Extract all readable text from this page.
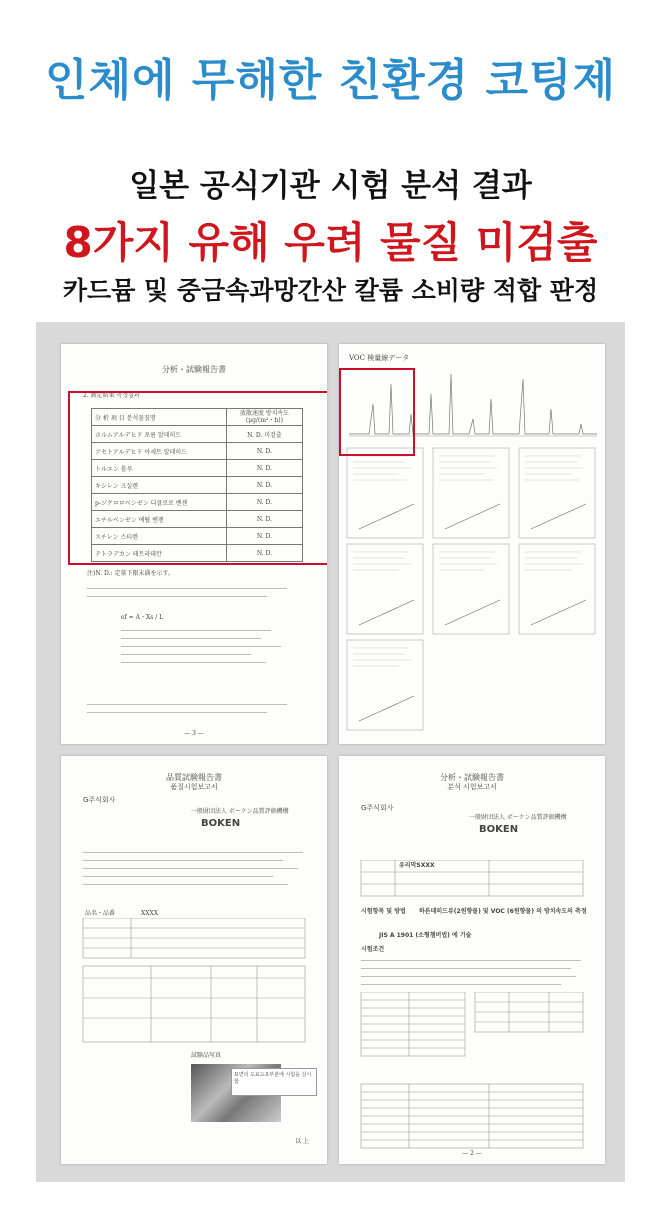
인체에 무해한 친환경 코팅제
일본 공식기관 시험 분석 결과
8가지 유해 우려 물질 미검출
카드뮴 및 중금속과망간산 칼륨 소비량 적합 판정
分析・試験報告書
2. 測定結果 측정결과
分 析 項 目 분석물질명	放散速度 방치속도
(μg/(m²・h))
ホルムアルデヒド 포름 알데히드	N. D. 미검출
アセトアルデヒド 아세트 알데히드	N. D.
トルエン 톨루	N. D.
キシレン 크실렌	N. D.
p-ジクロロベンゼン 디클로로 벤젠	N. D.
エチルベンゼン 에틸 벤젠	N. D.
スチレン 스티렌	N. D.
テトラデカン 테트라데칸	N. D.
注)N. D.: 定量下限未満を示す。
ef = A・Xs / L
— 3 —
VOC 検量線データ
品質試験報告書
품질시험보고서
G주식회사
一般財団法人 ボーケン品質評価機構
BOKEN
品名・品番	XXXX
試験品写真
표면의 도료도포부분에 시험을 실시함
以 上
分析・試験報告書
분석 시험보고서
G주식회사
一般財団法人 ボーケン品質評価機構
BOKEN
유리막SXXX
시험항목 및 방법 하른데히드류(2원향물) 및 VOC (6원향물) 의 방치속도의 측정
JIS A 1901 (소형챔버법) 에 기술
시험조건
— 2 —
